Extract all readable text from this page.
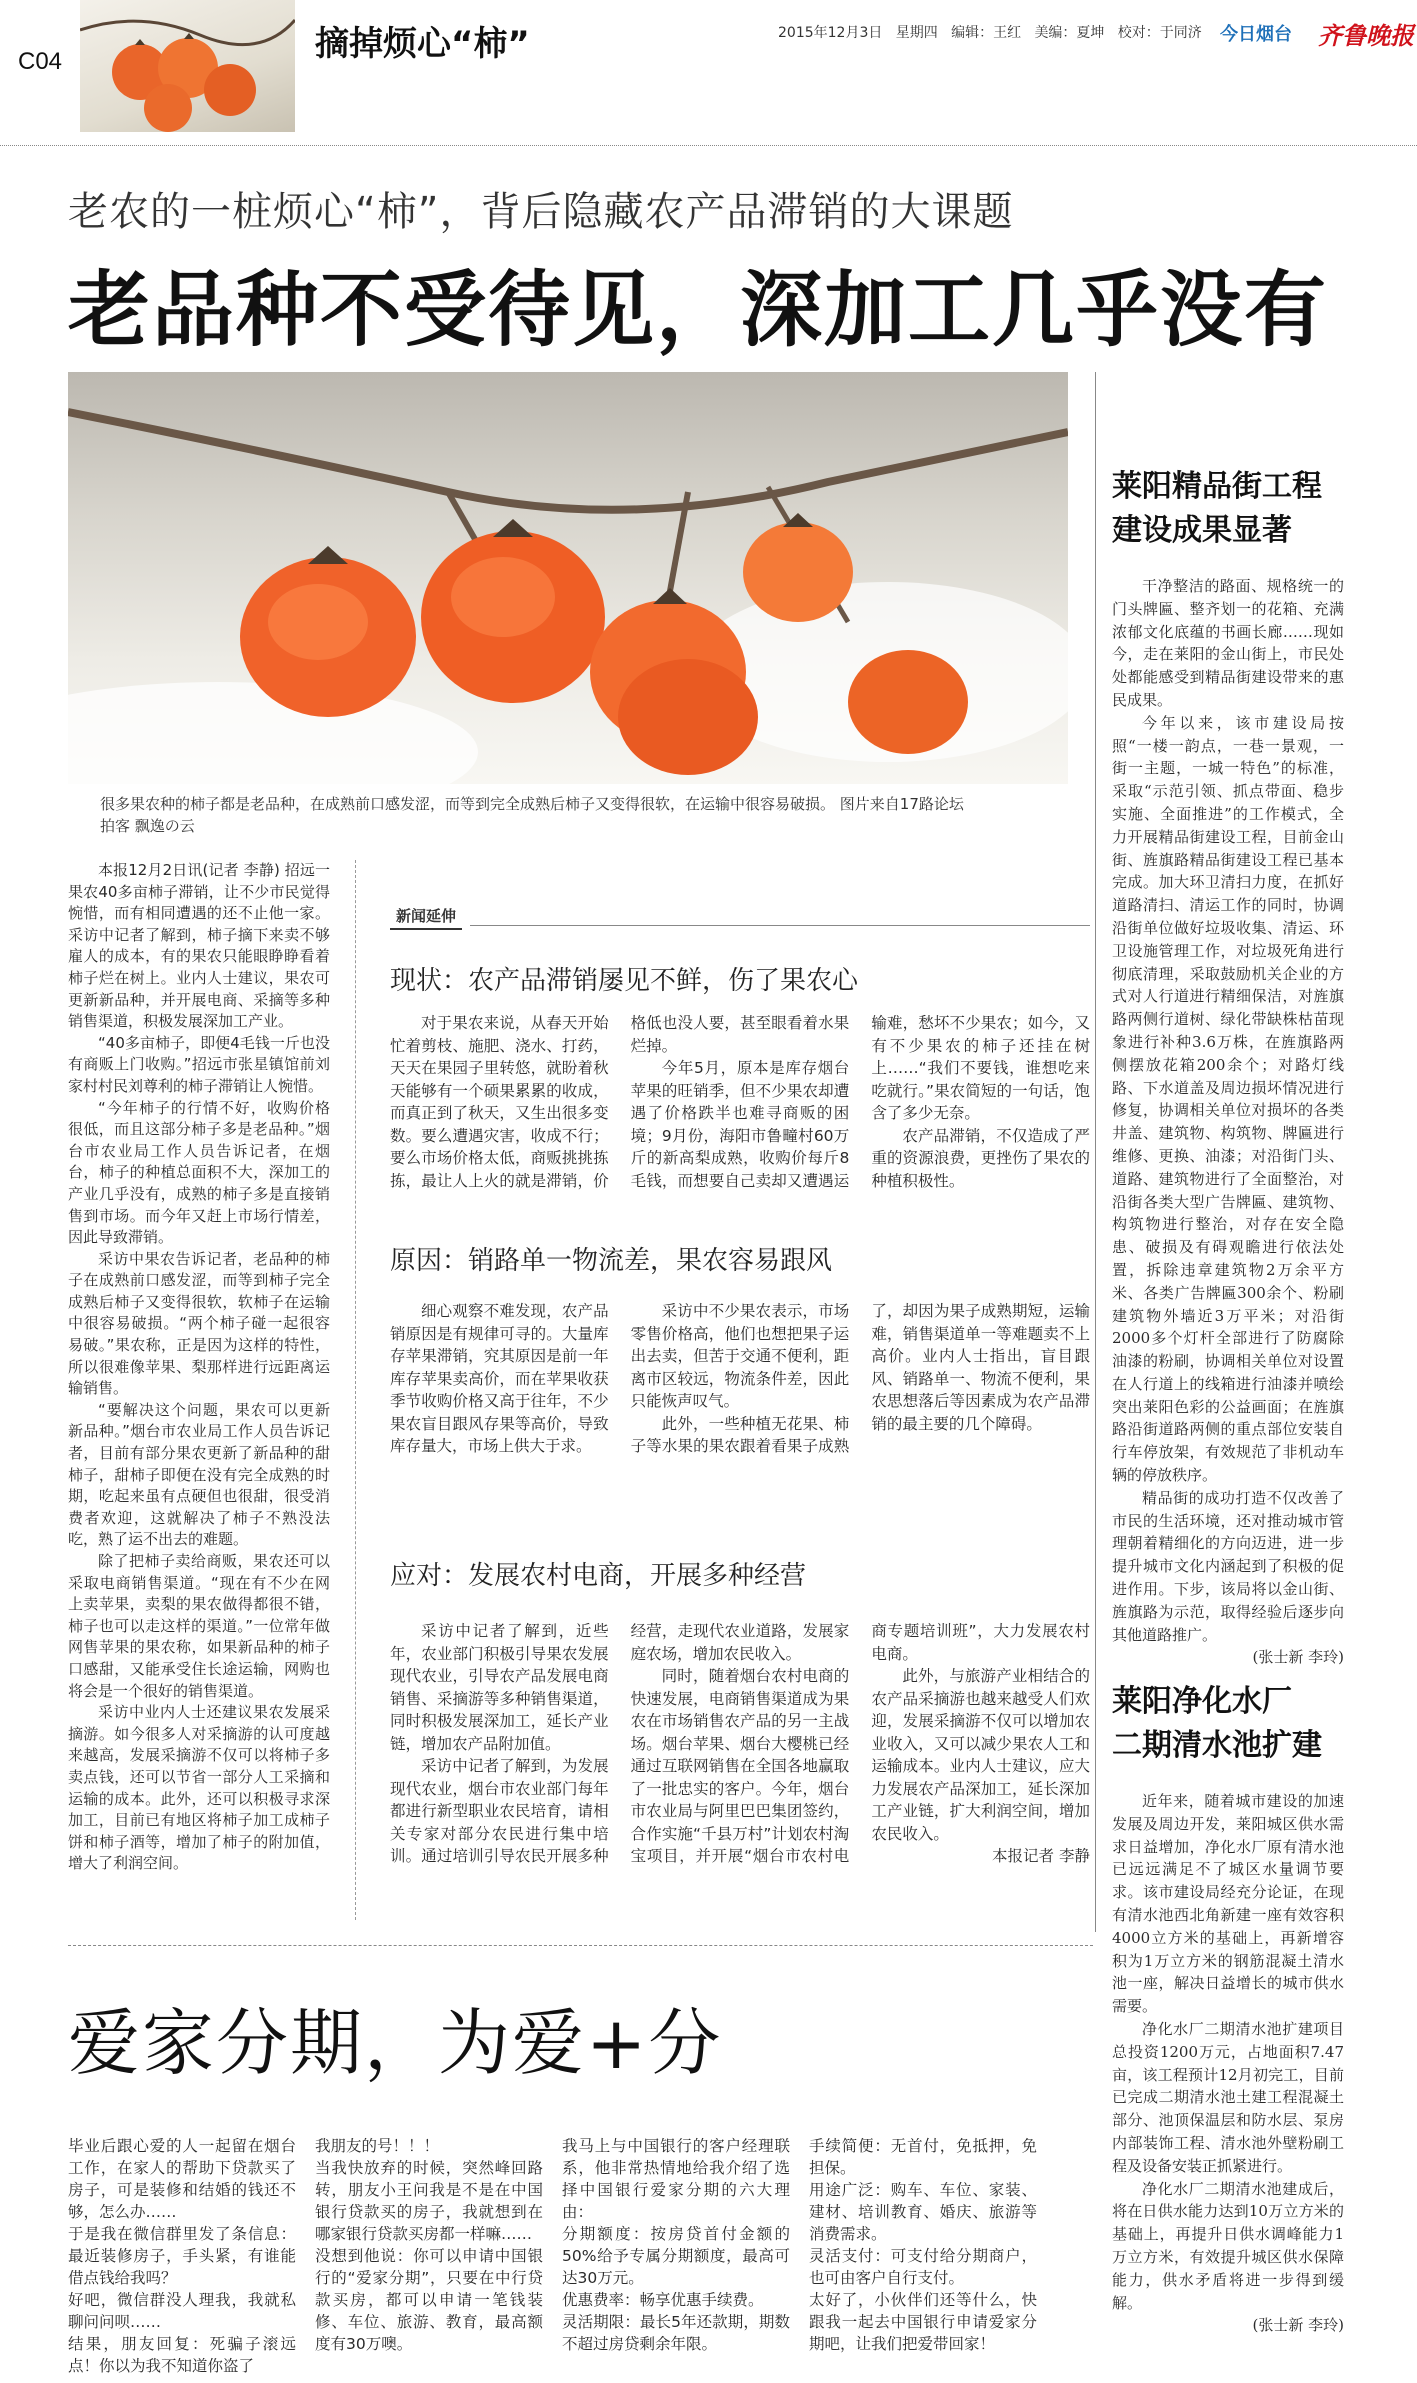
C04	摘掉烦心“柿”	2015年12月3日 星期四 编辑：王红 美编：夏坤 校对：于同济 今日烟台 齐鲁晚报
老农的一桩烦心“柿”，背后隐藏农产品滞销的大课题
老品种不受待见，深加工几乎没有
很多果农种的柿子都是老品种，在成熟前口感发涩，而等到完全成熟后柿子又变得很软，在运输中很容易破损。 图片来自17路论坛
拍客 飘逸の云

本报12月2日讯(记者 李静) 招远一果农40多亩柿子滞销，让不少市民觉得惋惜，而有相同遭遇的还不止他一家。采访中记者了解到，柿子摘下来卖不够雇人的成本，有的果农只能眼睁睁看着柿子烂在树上。业内人士建议，果农可更新新品种，并开展电商、采摘等多种销售渠道，积极发展深加工产业。

“40多亩柿子，即便4毛钱一斤也没有商贩上门收购。”招远市张星镇馆前刘家村村民刘尊利的柿子滞销让人惋惜。

“今年柿子的行情不好，收购价格很低，而且这部分柿子多是老品种。”烟台市农业局工作人员告诉记者，在烟台，柿子的种植总面积不大，深加工的产业几乎没有，成熟的柿子多是直接销售到市场。而今年又赶上市场行情差，因此导致滞销。

采访中果农告诉记者，老品种的柿子在成熟前口感发涩，而等到柿子完全成熟后柿子又变得很软，软柿子在运输中很容易破损。“两个柿子碰一起很容易破。”果农称，正是因为这样的特性，所以很难像苹果、梨那样进行远距离运输销售。

“要解决这个问题，果农可以更新新品种。”烟台市农业局工作人员告诉记者，目前有部分果农更新了新品种的甜柿子，甜柿子即便在没有完全成熟的时期，吃起来虽有点硬但也很甜，很受消费者欢迎，这就解决了柿子不熟没法吃，熟了运不出去的难题。

除了把柿子卖给商贩，果农还可以采取电商销售渠道。“现在有不少在网上卖苹果，卖梨的果农做得都很不错，柿子也可以走这样的渠道。”一位常年做网售苹果的果农称，如果新品种的柿子口感甜，又能承受住长途运输，网购也将会是一个很好的销售渠道。

采访中业内人士还建议果农发展采摘游。如今很多人对采摘游的认可度越来越高，发展采摘游不仅可以将柿子多卖点钱，还可以节省一部分人工采摘和运输的成本。此外，还可以积极寻求深加工，目前已有地区将柿子加工成柿子饼和柿子酒等，增加了柿子的附加值，增大了利润空间。

新闻延伸
现状：农产品滞销屡见不鲜，伤了果农心

对于果农来说，从春天开始忙着剪枝、施肥、浇水、打药，天天在果园子里转悠，就盼着秋天能够有一个硕果累累的收成，而真正到了秋天，又生出很多变数。要么遭遇灾害，收成不行；要么市场价格太低，商贩挑挑拣拣，最让人上火的就是滞销，价格低也没人要，甚至眼看着水果烂掉。

今年5月，原本是库存烟台苹果的旺销季，但不少果农却遭遇了价格跌半也难寻商贩的困境；9月份，海阳市鲁疃村60万斤的新高梨成熟，收购价每斤8毛钱，而想要自己卖却又遭遇运输难，愁坏不少果农；如今，又有不少果农的柿子还挂在树上……“我们不要钱，谁想吃来吃就行。”果农简短的一句话，饱含了多少无奈。

农产品滞销，不仅造成了严重的资源浪费，更挫伤了果农的种植积极性。

原因：销路单一物流差，果农容易跟风

细心观察不难发现，农产品销原因是有规律可寻的。大量库存苹果滞销，究其原因是前一年库存苹果卖高价，而在苹果收获季节收购价格又高于往年，不少果农盲目跟风存果等高价，导致库存量大，市场上供大于求。

采访中不少果农表示，市场零售价格高，他们也想把果子运出去卖，但苦于交通不便利，距离市区较远，物流条件差，因此只能恢声叹气。

此外，一些种植无花果、柿子等水果的果农跟着看果子成熟了，却因为果子成熟期短，运输难，销售渠道单一等难题卖不上高价。业内人士指出，盲目跟风、销路单一、物流不便利，果农思想落后等因素成为农产品滞销的最主要的几个障碍。

应对：发展农村电商，开展多种经营

采访中记者了解到，近些年，农业部门积极引导果农发展现代农业，引导农产品发展电商销售、采摘游等多种销售渠道，同时积极发展深加工，延长产业链，增加农产品附加值。

采访中记者了解到，为发展现代农业，烟台市农业部门每年都进行新型职业农民培育，请相关专家对部分农民进行集中培训。通过培训引导农民开展多种经营，走现代农业道路，发展家庭农场，增加农民收入。

同时，随着烟台农村电商的快速发展，电商销售渠道成为果农在市场销售农产品的另一主战场。烟台苹果、烟台大樱桃已经通过互联网销售在全国各地赢取了一批忠实的客户。今年，烟台市农业局与阿里巴巴集团签约，合作实施“千县万村”计划农村淘宝项目，并开展“烟台市农村电商专题培训班”，大力发展农村电商。

此外，与旅游产业相结合的农产品采摘游也越来越受人们欢迎，发展采摘游不仅可以增加农业收入，又可以减少果农人工和运输成本。业内人士建议，应大力发展农产品深加工，延长深加工产业链，扩大利润空间，增加农民收入。

本报记者 李静
莱阳精品街工程
建设成果显著

干净整洁的路面、规格统一的门头牌匾、整齐划一的花箱、充满浓郁文化底蕴的书画长廊……现如今，走在莱阳的金山街上，市民处处都能感受到精品街建设带来的惠民成果。

今年以来，该市建设局按照“一楼一韵点，一巷一景观，一街一主题，一城一特色”的标准，采取“示范引领、抓点带面、稳步实施、全面推进”的工作模式，全力开展精品街建设工程，目前金山街、旌旗路精品街建设工程已基本完成。加大环卫清扫力度，在抓好道路清扫、清运工作的同时，协调沿街单位做好垃圾收集、清运、环卫设施管理工作，对垃圾死角进行彻底清理，采取鼓励机关企业的方式对人行道进行精细保洁，对旌旗路两侧行道树、绿化带缺株枯苗现象进行补种3.6万株，在旌旗路两侧摆放花箱200余个；对路灯线路、下水道盖及周边损坏情况进行修复，协调相关单位对损坏的各类井盖、建筑物、构筑物、牌匾进行维修、更换、油漆；对沿街门头、道路、建筑物进行了全面整治，对沿街各类大型广告牌匾、建筑物、构筑物进行整治，对存在安全隐患、破损及有碍观瞻进行依法处置，拆除违章建筑物2万余平方米、各类广告牌匾300余个、粉刷建筑物外墙近3万平米；对沿街2000多个灯杆全部进行了防腐除油漆的粉刷，协调相关单位对设置在人行道上的线箱进行油漆并喷绘突出莱阳色彩的公益画面；在旌旗路沿街道路两侧的重点部位安装自行车停放架，有效规范了非机动车辆的停放秩序。

精品街的成功打造不仅改善了市民的生活环境，还对推动城市管理朝着精细化的方向迈进，进一步提升城市文化内涵起到了积极的促进作用。下步，该局将以金山街、旌旗路为示范，取得经验后逐步向其他道路推广。

(张士新 李玲)
莱阳净化水厂
二期清水池扩建

近年来，随着城市建设的加速发展及周边开发，莱阳城区供水需求日益增加，净化水厂原有清水池已远远满足不了城区水量调节要求。该市建设局经充分论证，在现有清水池西北角新建一座有效容积4000立方米的基础上，再新增容积为1万立方米的钢筋混凝土清水池一座，解决日益增长的城市供水需要。

净化水厂二期清水池扩建项目总投资1200万元，占地面积7.47亩，该工程预计12月初完工，目前已完成二期清水池土建工程混凝土部分、池顶保温层和防水层、泵房内部装饰工程、清水池外壁粉刷工程及设备安装正抓紧进行。

净化水厂二期清水池建成后，将在日供水能力达到10万立方米的基础上，再提升日供水调峰能力1万立方米，有效提升城区供水保障能力，供水矛盾将进一步得到缓解。

(张士新 李玲)
爱家分期，为爱+分
毕业后跟心爱的人一起留在烟台工作，在家人的帮助下贷款买了房子，可是装修和结婚的钱还不够，怎么办……
于是我在微信群里发了条信息：最近装修房子，手头紧，有谁能借点钱给我吗？
好吧，微信群没人理我，我就私聊问问呗……
结果，朋友回复：死骗子滚远点！你以为我不知道你盗了
我朋友的号！！！
当我快放弃的时候，突然峰回路转，朋友小王问我是不是在中国银行贷款买的房子，我就想到在哪家银行贷款买房都一样嘛……
没想到他说：你可以申请中国银行的“爱家分期”，只要在中行贷款买房，都可以申请一笔钱装修、车位、旅游、教育，最高额度有30万噢。
我马上与中国银行的客户经理联系，他非常热情地给我介绍了选择中国银行爱家分期的六大理由：
分期额度：按房贷首付金额的50%给予专属分期额度，最高可达30万元。
优惠费率：畅享优惠手续费。
灵活期限：最长5年还款期，期数不超过房贷剩余年限。
手续简便：无首付，免抵押，免担保。
用途广泛：购车、车位、家装、建材、培训教育、婚庆、旅游等消费需求。
灵活支付：可支付给分期商户，也可由客户自行支付。
太好了，小伙伴们还等什么，快跟我一起去中国银行申请爱家分期吧，让我们把爱带回家！
